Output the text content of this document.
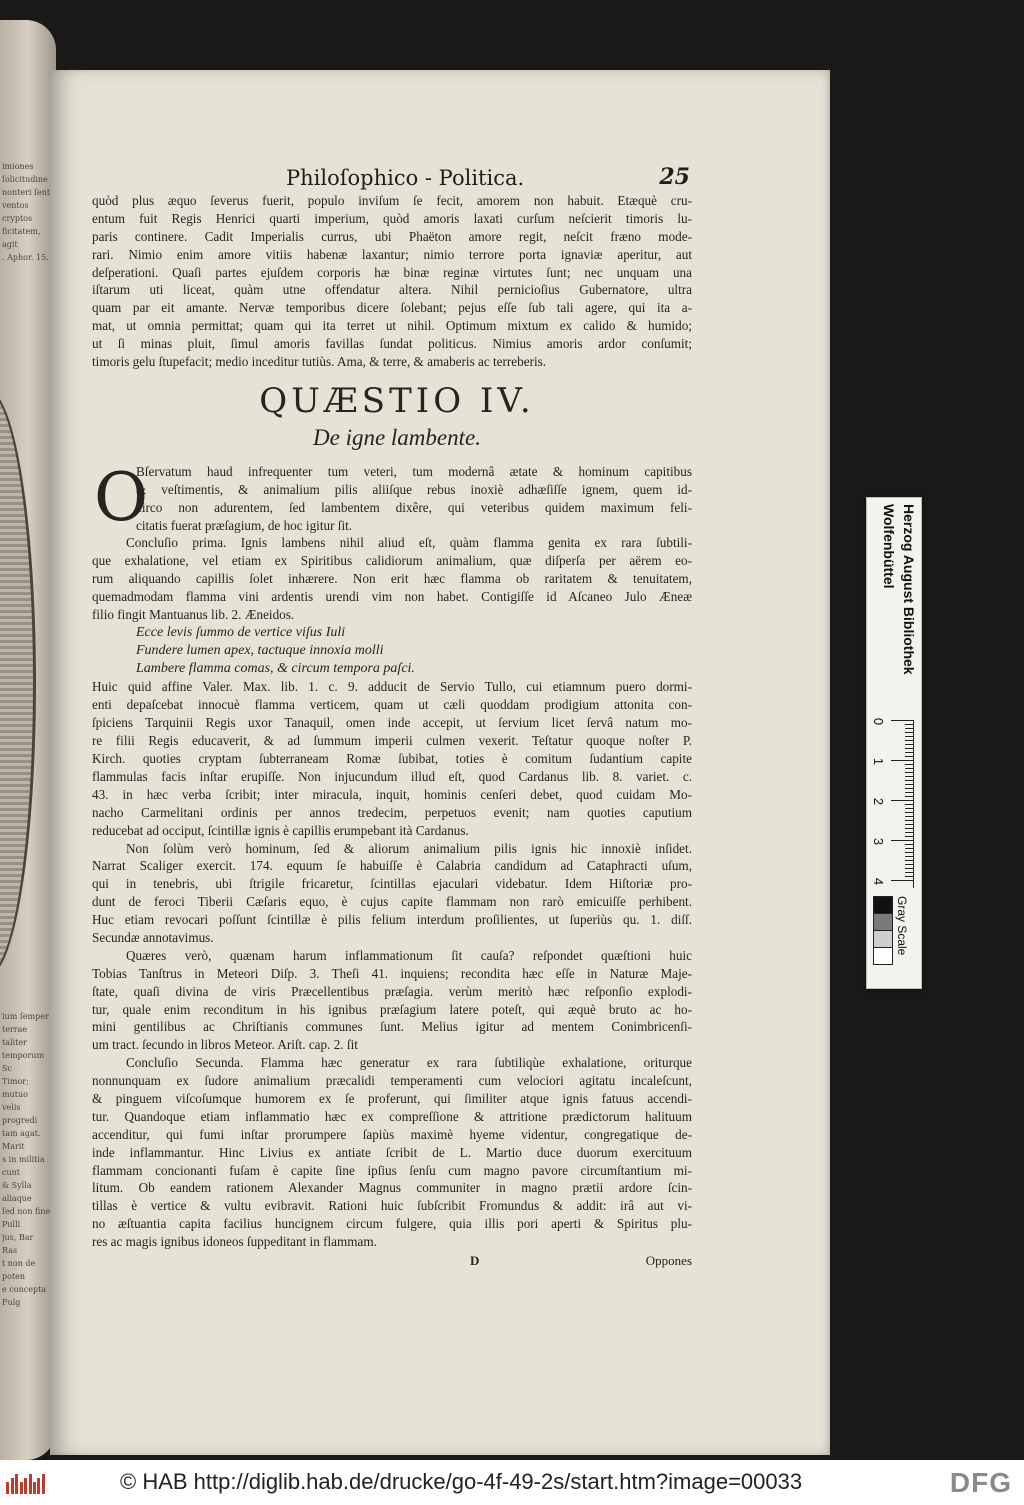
imiones ſolicitudine
nonteri ſent
ventos cryptos
ficitatem, agit
. Aphor. 15.
ium ſemper terrae
taliter temporum Sc
Timor; mutuo
velis progredi
tam agat. Marit
s in militia cunt
& Sylla aliaque
ſed non fine Pulli
jus, Bar
Ras
t non de poten
e concepta Fulg
Philoſophico - Politica.	25
quòd plus æquo ſeverus fuerit, populo inviſum ſe fecit, amorem non habuit. Etæquè cru-
entum fuit Regis Henrici quarti imperium, quòd amoris laxati curſum neſcierit timoris lu-
paris continere. Cadit Imperialis currus, ubi Phaëton amore regit, neſcit fræno mode-
rari. Nimio enim amore vitiis habenæ laxantur; nimio terrore porta ignaviæ aperitur, aut
deſperationi. Quaſi partes ejuſdem corporis hæ binæ reginæ virtutes ſunt; nec unquam una
iſtarum uti liceat, quàm utne offendatur altera. Nihil pernicioſius Gubernatore, ultra
quam par eit amante. Nervæ temporibus dicere ſolebant; pejus eſſe ſub tali agere, qui ita a-
mat, ut omnia permittat; quam qui ita terret ut nihil. Optimum mixtum ex calido & humido;
ut ſi minas pluit, ſimul amoris favillas ſundat politicus. Nimius amoris ardor conſumit;
timoris gelu ſtupefacit; medio inceditur tutiùs. Ama, & terre, & amaberis ac terreberis.
QUÆSTIO IV.
De igne lambente.
O
Bſervatum haud infrequenter tum veteri, tum modernâ ætate & hominum capitibus
& veſtimentis, & animalium pilis aliiſque rebus inoxiè adhæſiſſe ignem, quem id-
circo non adurentem, ſed lambentem dixêre, qui veteribus quidem maximum feli-
citatis fuerat præſagium, de hoc igitur ſit.
Concluſio prima. Ignis lambens nihil aliud eſt, quàm flamma genita ex rara ſubtili-
que exhalatione, vel etiam ex Spiritibus calidiorum animalium, quæ diſperſa per aërem eo-
rum aliquando capillis ſolet inhærere. Non erit hæc flamma ob raritatem & tenuitatem,
quemadmodam flamma vini ardentis urendi vim non habet. Contigiſſe id Aſcaneo Julo Æneæ
filio fingit Mantuanus lib. 2. Æneidos.
Ecce levis ſummo de vertice viſus Iuli
Fundere lumen apex, tactuque innoxia molli
Lambere flamma comas, & circum tempora paſci.
Huic quid affine Valer. Max. lib. 1. c. 9. adducit de Servio Tullo, cui etiamnum puero dormi-
enti depaſcebat innocuè flamma verticem, quam ut cæli quoddam prodigium attonita con-
ſpiciens Tarquinii Regis uxor Tanaquil, omen inde accepit, ut ſervium licet ſervâ natum mo-
re filii Regis educaverit, & ad ſummum imperii culmen vexerit. Teſtatur quoque noſter P.
Kirch. quoties cryptam ſubterraneam Romæ ſubibat, toties è comitum ſudantium capite
flammulas facis inſtar erupiſſe. Non injucundum illud eſt, quod Cardanus lib. 8. variet. c.
43. in hæc verba ſcribit; inter miracula, inquit, hominis cenſeri debet, quod cuidam Mo-
nacho Carmelitani ordinis per annos tredecim, perpetuos evenit; nam quoties caputium
reducebat ad occiput, ſcintillæ ignis è capillis erumpebant ità Cardanus.
Non ſolùm verò hominum, ſed & aliorum animalium pilis ignis hic innoxiè inſidet.
Narrat Scaliger exercit. 174. equum ſe habuiſſe è Calabria candidum ad Cataphracti uſum,
qui in tenebris, ubi ſtrigile fricaretur, ſcintillas ejaculari videbatur. Idem Hiſtoriæ pro-
dunt de feroci Tiberii Cæſaris equo, è cujus capite flammam non rarò emicuiſſe perhibent.
Huc etiam revocari poſſunt ſcintillæ è pilis felium interdum proſilientes, ut ſuperiùs qu. 1. diſſ.
Secundæ annotavimus.
Quæres verò, quænam harum inflammationum ſit cauſa? reſpondet quæſtioni huic
Tobias Tanſtrus in Meteori Diſp. 3. Theſi 41. inquiens; recondita hæc eſſe in Naturæ Maje-
ſtate, quaſi divina de viris Præcellentibus præſagia. verùm meritò hæc reſponſio explodi-
tur, quale enim reconditum in his ignibus præſagium latere poteſt, qui æquè bruto ac ho-
mini gentilibus ac Chriſtianis communes ſunt. Melius igitur ad mentem Conimbricenſi-
um tract. ſecundo in libros Meteor. Ariſt. cap. 2. ſit
Concluſio Secunda. Flamma hæc generatur ex rara ſubtiliqùe exhalatione, oriturque
nonnunquam ex ſudore animalium præcalidi temperamenti cum velociori agitatu incaleſcunt,
& pinguem viſcoſumque humorem ex ſe proferunt, qui ſimiliter atque ignis fatuus accendi-
tur. Quandoque etiam inflammatio hæc ex compreſſione & attritione prædictorum halituum
accenditur, qui fumi inſtar prorumpere ſapiùs maximè hyeme videntur, congregatique de-
inde inflammantur. Hinc Livius ex antiate ſcribit de L. Martio duce duorum exercituum
flammam concionanti fuſam è capite ſine ipſius ſenſu cum magno pavore circumſtantium mi-
litum. Ob eandem rationem Alexander Magnus communiter in magno prætii ardore ſcin-
tillas è vertice & vultu evibravit. Rationi huic ſubſcribit Fromundus & addit: irâ aut vi-
no æſtuantia capita facilius huncignem circum fulgere, quia illis pori aperti & Spiritus plu-
res ac magis ignibus idoneos ſuppeditant in flammam.
D	Oppones
Herzog August Bibliothek
Wolfenbüttel
0
1
2
3
4
Gray Scale
© HAB http://diglib.hab.de/drucke/go-4f-49-2s/start.htm?image=00033	DFG
